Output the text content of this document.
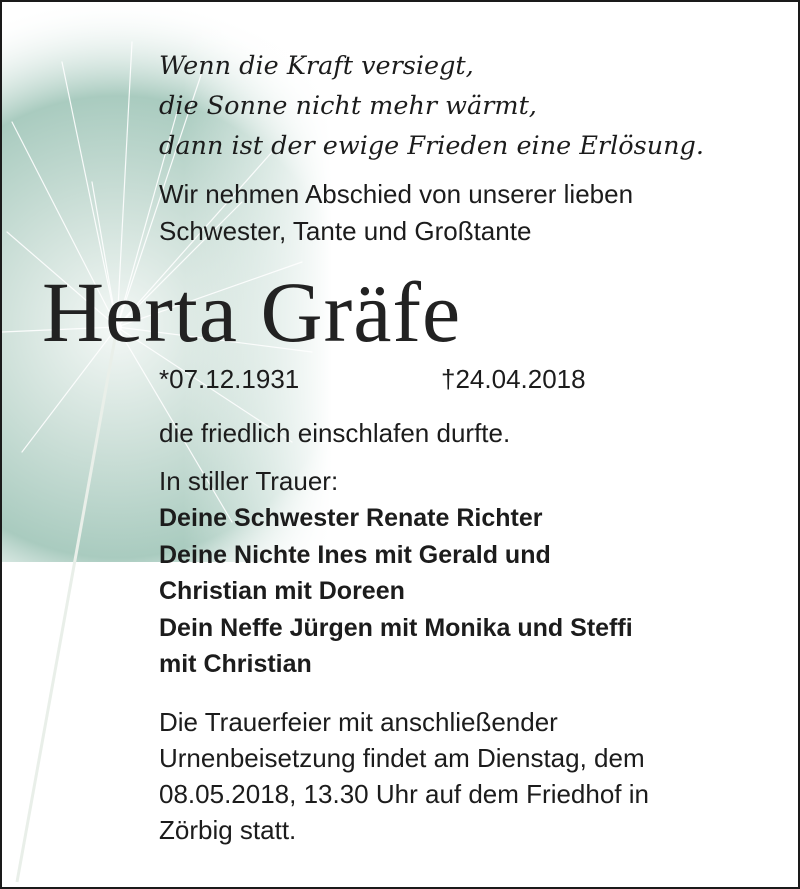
Wenn die Kraft versiegt,
die Sonne nicht mehr wärmt,
dann ist der ewige Frieden eine Erlösung.
Wir nehmen Abschied von unserer lieben
Schwester, Tante und Großtante
Herta Gräfe
*07.12.1931	†24.04.2018
die friedlich einschlafen durfte.
In stiller Trauer:
Deine Schwester Renate Richter
Deine Nichte Ines mit Gerald und
Christian mit Doreen
Dein Neffe Jürgen mit Monika und Steffi
mit Christian
Die Trauerfeier mit anschließender
Urnenbeisetzung findet am Dienstag, dem
08.05.2018, 13.30 Uhr auf dem Friedhof in
Zörbig statt.
